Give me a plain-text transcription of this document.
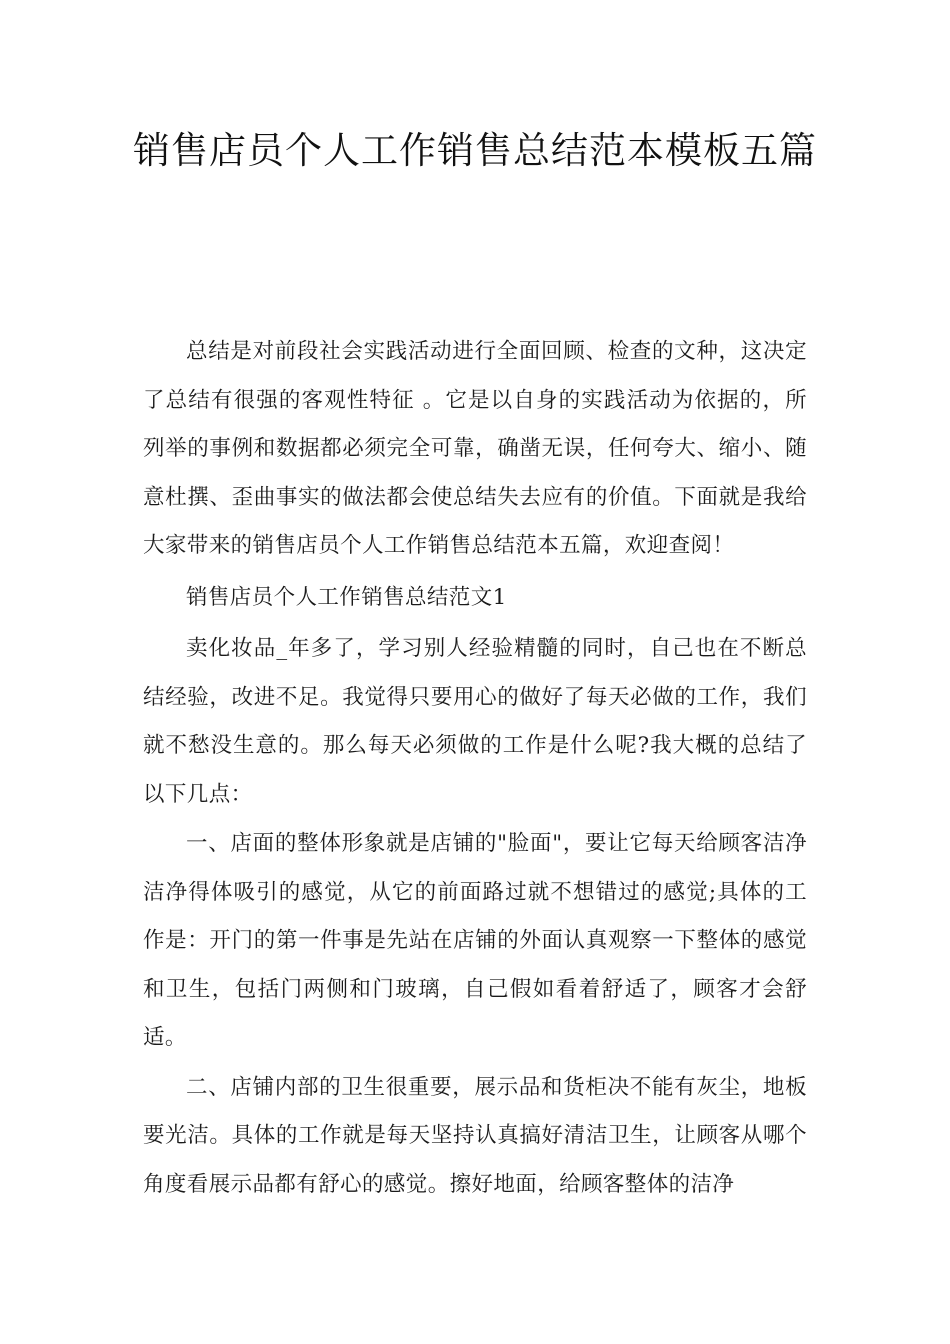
销售店员个人工作销售总结范本模板五篇

总结是对前段社会实践活动进行全面回顾、检查的文种，这决定了总结有很强的客观性特征 。它是以自身的实践活动为依据的，所列举的事例和数据都必须完全可靠，确凿无误，任何夸大、缩小、随意杜撰、歪曲事实的做法都会使总结失去应有的价值。下面就是我给大家带来的销售店员个人工作销售总结范本五篇，欢迎查阅！

销售店员个人工作销售总结范文1

卖化妆品_年多了，学习别人经验精髓的同时，自己也在不断总结经验，改进不足。我觉得只要用心的做好了每天必做的工作，我们就不愁没生意的。那么每天必须做的工作是什么呢?我大概的总结了以下几点：

一、店面的整体形象就是店铺的"脸面"，要让它每天给顾客洁净洁净得体吸引的感觉，从它的前面路过就不想错过的感觉;具体的工作是：开门的第一件事是先站在店铺的外面认真观察一下整体的感觉和卫生，包括门两侧和门玻璃，自己假如看着舒适了，顾客才会舒适。

二、店铺内部的卫生很重要，展示品和货柜决不能有灰尘，地板要光洁。具体的工作就是每天坚持认真搞好清洁卫生，让顾客从哪个角度看展示品都有舒心的感觉。擦好地面，给顾客整体的洁净
